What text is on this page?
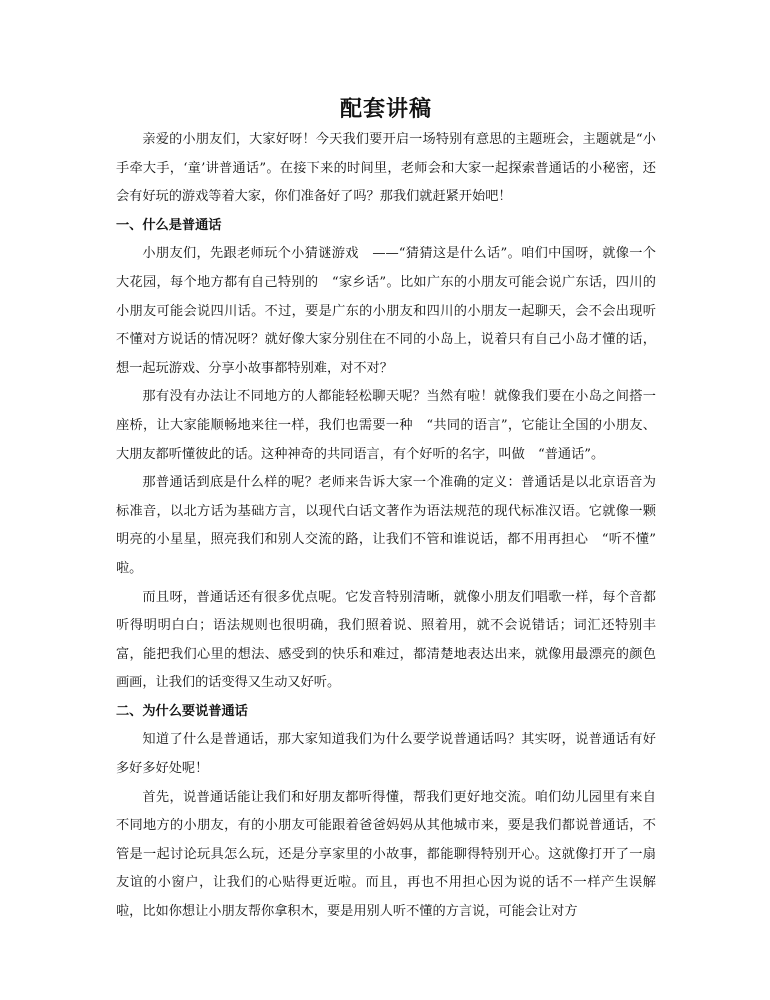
配套讲稿

亲爱的小朋友们，大家好呀！今天我们要开启一场特别有意思的主题班会，主题就是“小手牵大手，‘童’讲普通话”。在接下来的时间里，老师会和大家一起探索普通话的小秘密，还会有好玩的游戏等着大家，你们准备好了吗？那我们就赶紧开始吧！

一、什么是普通话

小朋友们，先跟老师玩个小猜谜游戏　——“猜猜这是什么话”。咱们中国呀，就像一个大花园，每个地方都有自己特别的　“家乡话”。比如广东的小朋友可能会说广东话，四川的小朋友可能会说四川话。不过，要是广东的小朋友和四川的小朋友一起聊天，会不会出现听不懂对方说话的情况呀？就好像大家分别住在不同的小岛上，说着只有自己小岛才懂的话，想一起玩游戏、分享小故事都特别难，对不对？

那有没有办法让不同地方的人都能轻松聊天呢？当然有啦！就像我们要在小岛之间搭一座桥，让大家能顺畅地来往一样，我们也需要一种　“共同的语言”，它能让全国的小朋友、大朋友都听懂彼此的话。这种神奇的共同语言，有个好听的名字，叫做　“普通话”。

那普通话到底是什么样的呢？老师来告诉大家一个准确的定义：普通话是以北京语音为标准音，以北方话为基础方言，以现代白话文著作为语法规范的现代标准汉语。它就像一颗明亮的小星星，照亮我们和别人交流的路，让我们不管和谁说话，都不用再担心　“听不懂”　啦。

而且呀，普通话还有很多优点呢。它发音特别清晰，就像小朋友们唱歌一样，每个音都听得明明白白；语法规则也很明确，我们照着说、照着用，就不会说错话；词汇还特别丰富，能把我们心里的想法、感受到的快乐和难过，都清楚地表达出来，就像用最漂亮的颜色画画，让我们的话变得又生动又好听。

二、为什么要说普通话

知道了什么是普通话，那大家知道我们为什么要学说普通话吗？其实呀，说普通话有好多好多好处呢！

首先，说普通话能让我们和好朋友都听得懂，帮我们更好地交流。咱们幼儿园里有来自不同地方的小朋友，有的小朋友可能跟着爸爸妈妈从其他城市来，要是我们都说普通话，不管是一起讨论玩具怎么玩，还是分享家里的小故事，都能聊得特别开心。这就像打开了一扇友谊的小窗户，让我们的心贴得更近啦。而且，再也不用担心因为说的话不一样产生误解啦，比如你想让小朋友帮你拿积木，要是用别人听不懂的方言说，可能会让对方
